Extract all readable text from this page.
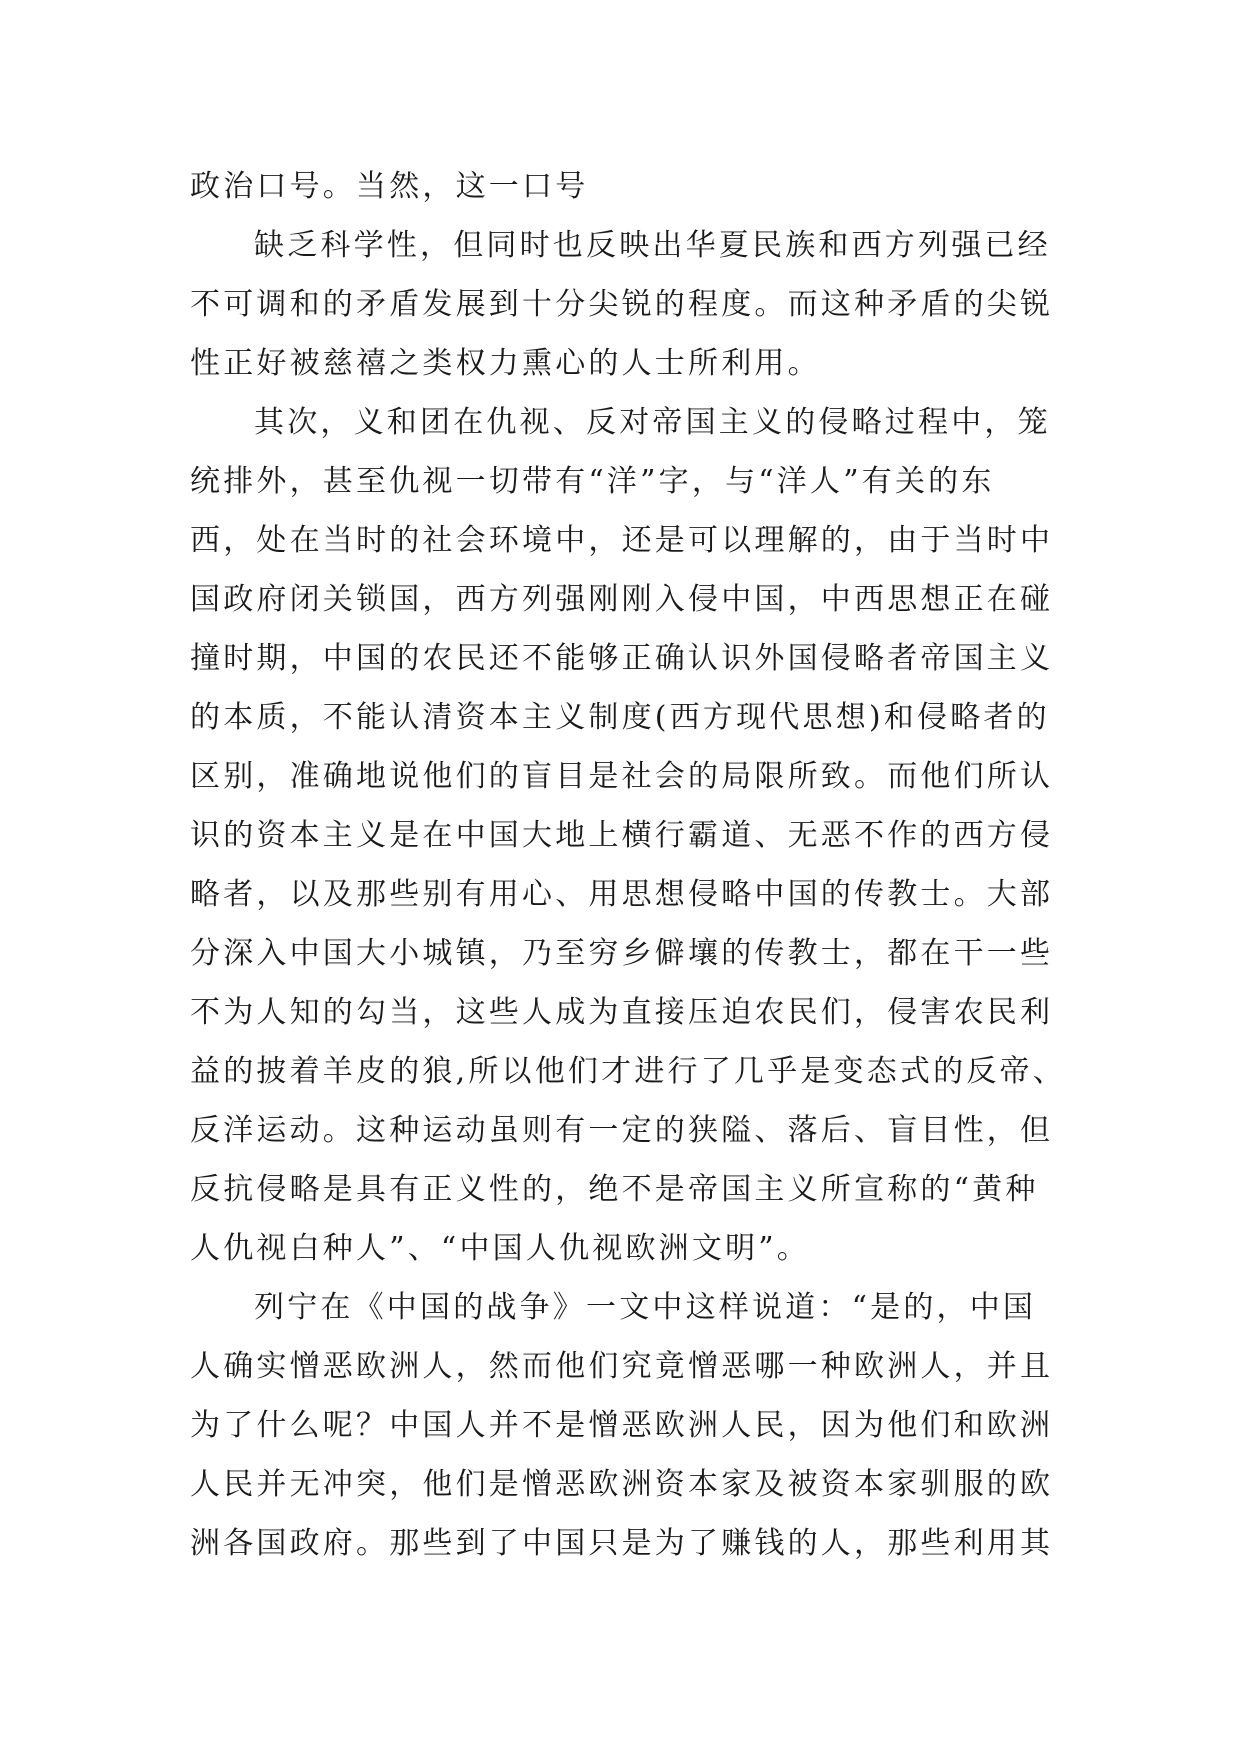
政治口号。当然，这一口号
缺乏科学性，但同时也反映出华夏民族和西方列强已经
不可调和的矛盾发展到十分尖锐的程度。而这种矛盾的尖锐
性正好被慈禧之类权力熏心的人士所利用。
其次，义和团在仇视、反对帝国主义的侵略过程中，笼
统排外，甚至仇视一切带有“洋”字，与“洋人”有关的东
西，处在当时的社会环境中，还是可以理解的，由于当时中
国政府闭关锁国，西方列强刚刚入侵中国，中西思想正在碰
撞时期，中国的农民还不能够正确认识外国侵略者帝国主义
的本质，不能认清资本主义制度(西方现代思想)和侵略者的
区别，准确地说他们的盲目是社会的局限所致。而他们所认
识的资本主义是在中国大地上横行霸道、无恶不作的西方侵
略者，以及那些别有用心、用思想侵略中国的传教士。大部
分深入中国大小城镇，乃至穷乡僻壤的传教士，都在干一些
不为人知的勾当，这些人成为直接压迫农民们，侵害农民利
益的披着羊皮的狼,所以他们才进行了几乎是变态式的反帝、
反洋运动。这种运动虽则有一定的狭隘、落后、盲目性，但
反抗侵略是具有正义性的，绝不是帝国主义所宣称的“黄种
人仇视白种人”、“中国人仇视欧洲文明”。
列宁在《中国的战争》一文中这样说道：“是的，中国
人确实憎恶欧洲人，然而他们究竟憎恶哪一种欧洲人，并且
为了什么呢？中国人并不是憎恶欧洲人民，因为他们和欧洲
人民并无冲突，他们是憎恶欧洲资本家及被资本家驯服的欧
洲各国政府。那些到了中国只是为了赚钱的人，那些利用其
